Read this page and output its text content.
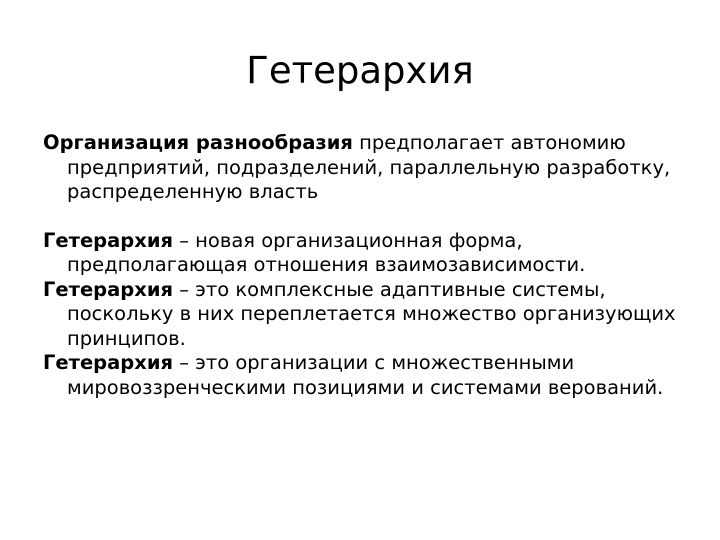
Гетерархия

Организация разнообразия предполагает автономию предприятий, подразделений, параллельную разработку, распределенную власть

Гетерархия – новая организационная форма, предполагающая отношения взаимозависимости.

Гетерархия – это комплексные адаптивные системы, поскольку в них переплетается множество организующих принципов.

Гетерархия – это организации с множественными мировоззренческими позициями и системами верований.
